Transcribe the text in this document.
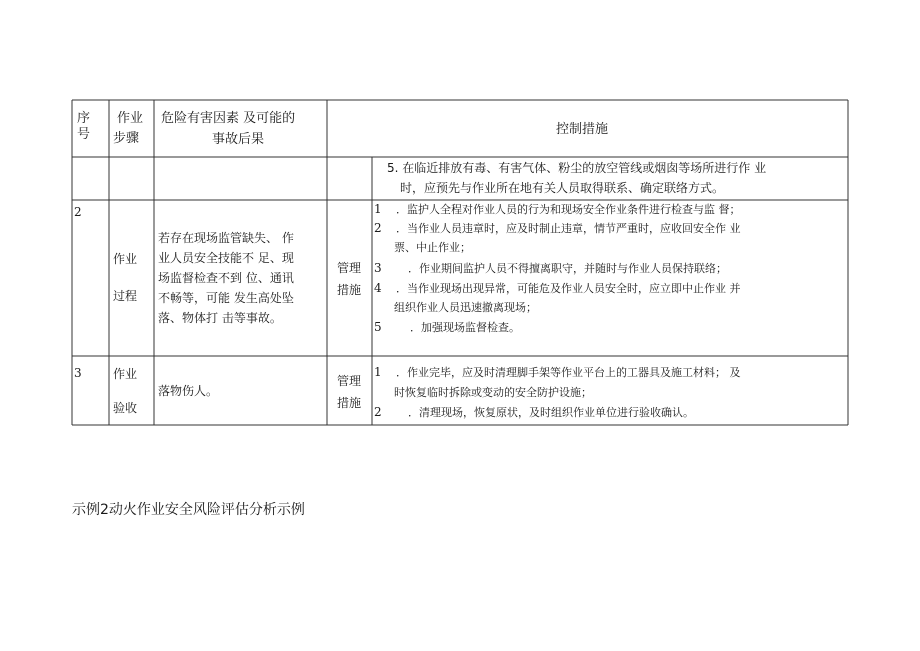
序
号
作业
步骤
危险有害因素 及可能的
事故后果
控制措施
5. 在临近排放有毒、有害气体、粉尘的放空管线或烟囱等场所进行作 业
时，应预先与作业所在地有关人员取得联系、确定联络方式。
2
作业
过程
若存在现场监管缺失、 作
业人员安全技能不 足、现
场监督检查不到 位、通讯
不畅等，可能 发生高处坠
落、物体打 击等事故。
管理
措施
1 ．监护人全程对作业人员的行为和现场安全作业条件进行检查与监 督；
2 ．当作业人员违章时，应及时制止违章，情节严重时，应收回安全作 业
票、中止作业；
3 ．作业期间监护人员不得擅离职守，并随时与作业人员保持联络；
4 ．当作业现场出现异常，可能危及作业人员安全时，应立即中止作业 并
组织作业人员迅速撤离现场；
5	．加强现场监督检查。
3	作业
验收
落物伤人。
管理
措施
1 ．作业完毕，应及时清理脚手架等作业平台上的工器具及施工材料； 及
时恢复临时拆除或变动的安全防护设施；
2 ．清理现场，恢复原状，及时组织作业单位进行验收确认。
示例2动火作业安全风险评估分析示例
